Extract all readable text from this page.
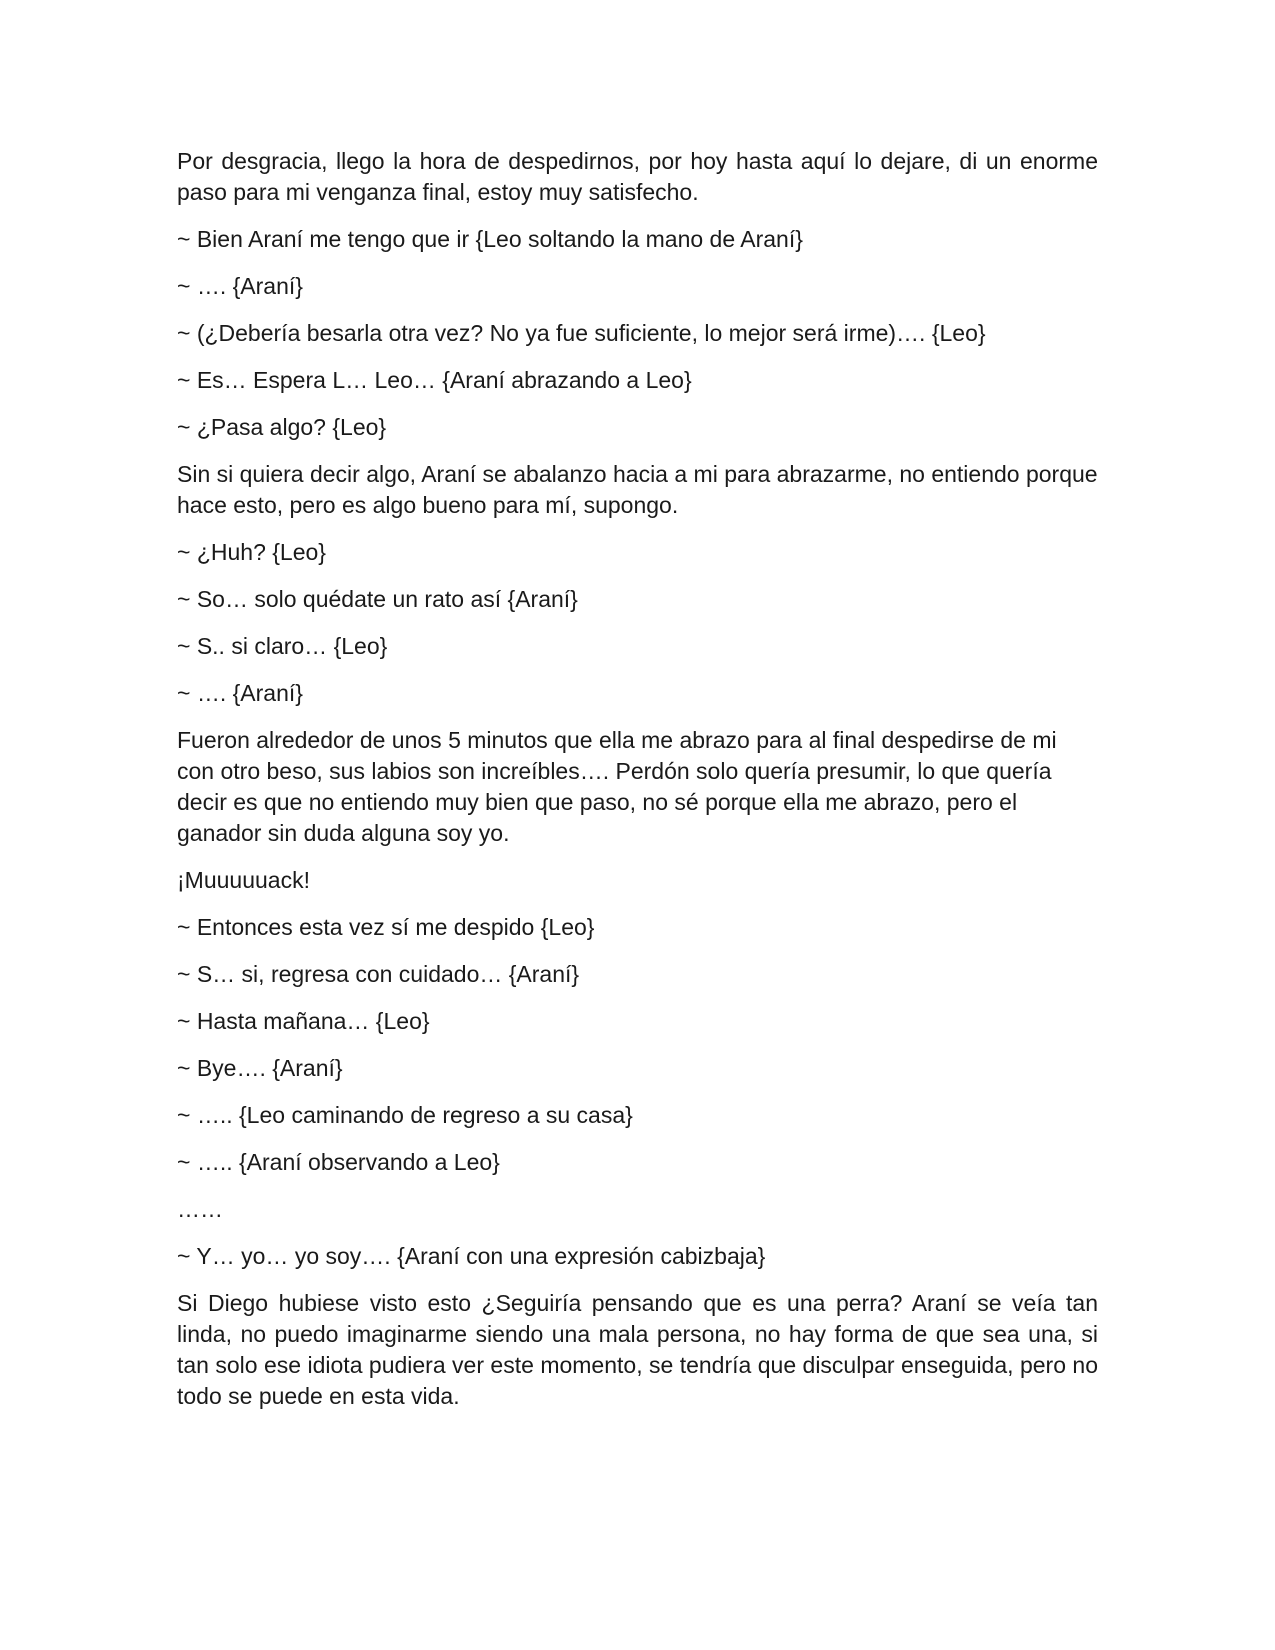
Por desgracia, llego la hora de despedirnos, por hoy hasta aquí lo dejare, di un enorme paso para mi venganza final, estoy muy satisfecho.

~ Bien Araní me tengo que ir {Leo soltando la mano de Araní}

~ …. {Araní}

~ (¿Debería besarla otra vez? No ya fue suficiente, lo mejor será irme)…. {Leo}

~ Es… Espera L… Leo… {Araní abrazando a Leo}

~ ¿Pasa algo? {Leo}

Sin si quiera decir algo, Araní se abalanzo hacia a mi para abrazarme, no entiendo porque hace esto, pero es algo bueno para mí, supongo.

~ ¿Huh? {Leo}

~ So… solo quédate un rato así {Araní}

~ S.. si claro… {Leo}

~ …. {Araní}

Fueron alrededor de unos 5 minutos que ella me abrazo para al final despedirse de mi con otro beso, sus labios son increíbles…. Perdón solo quería presumir, lo que quería decir es que no entiendo muy bien que paso, no sé porque ella me abrazo, pero el ganador sin duda alguna soy yo.

¡Muuuuuack!

~ Entonces esta vez sí me despido {Leo}

~ S… si, regresa con cuidado… {Araní}

~ Hasta mañana… {Leo}

~ Bye…. {Araní}

~ ….. {Leo caminando de regreso a su casa}

~ ….. {Araní observando a Leo}

……

~ Y… yo… yo soy…. {Araní con una expresión cabizbaja}

Si Diego hubiese visto esto ¿Seguiría pensando que es una perra? Araní se veía tan linda, no puedo imaginarme siendo una mala persona, no hay forma de que sea una, si tan solo ese idiota pudiera ver este momento, se tendría que disculpar enseguida, pero no todo se puede en esta vida.
